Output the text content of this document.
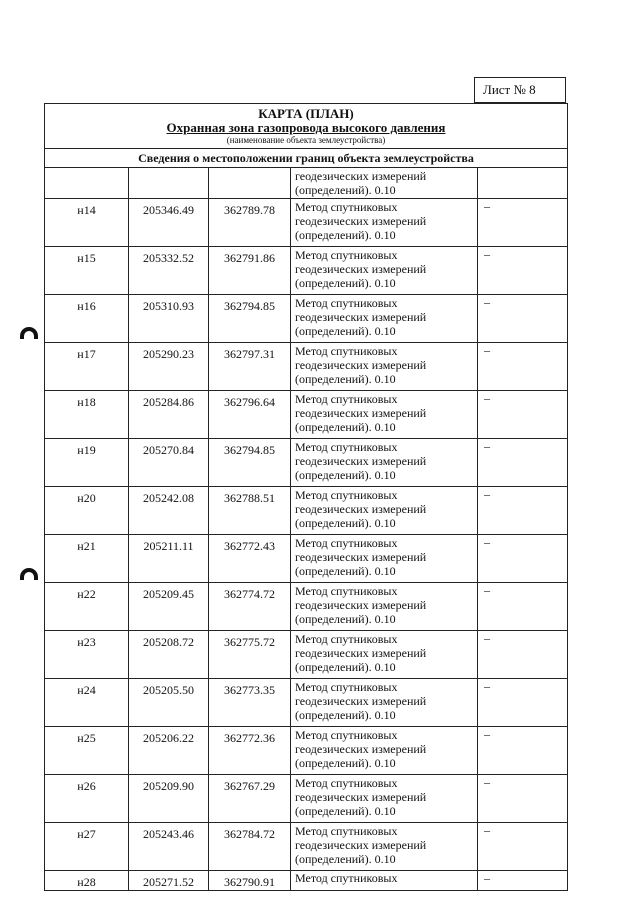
Лист № 8
КАРТА (ПЛАН)
Охранная зона газопровода высокого давления
(наименование объекта землеустройства)
Сведения о местоположении границ объекта землеустройства

			геодезических измерений
(определений). 0.10	

н14	205346.49	362789.78	Метод спутниковых
геодезических измерений
(определений). 0.10	–

н15	205332.52	362791.86	Метод спутниковых
геодезических измерений
(определений). 0.10	–

н16	205310.93	362794.85	Метод спутниковых
геодезических измерений
(определений). 0.10	–

н17	205290.23	362797.31	Метод спутниковых
геодезических измерений
(определений). 0.10	–

н18	205284.86	362796.64	Метод спутниковых
геодезических измерений
(определений). 0.10	–

н19	205270.84	362794.85	Метод спутниковых
геодезических измерений
(определений). 0.10	–

н20	205242.08	362788.51	Метод спутниковых
геодезических измерений
(определений). 0.10	–

н21	205211.11	362772.43	Метод спутниковых
геодезических измерений
(определений). 0.10	–

н22	205209.45	362774.72	Метод спутниковых
геодезических измерений
(определений). 0.10	–

н23	205208.72	362775.72	Метод спутниковых
геодезических измерений
(определений). 0.10	–

н24	205205.50	362773.35	Метод спутниковых
геодезических измерений
(определений). 0.10	–

н25	205206.22	362772.36	Метод спутниковых
геодезических измерений
(определений). 0.10	–

н26	205209.90	362767.29	Метод спутниковых
геодезических измерений
(определений). 0.10	–

н27	205243.46	362784.72	Метод спутниковых
геодезических измерений
(определений). 0.10	–

н28	205271.52	362790.91	Метод спутниковых	–
